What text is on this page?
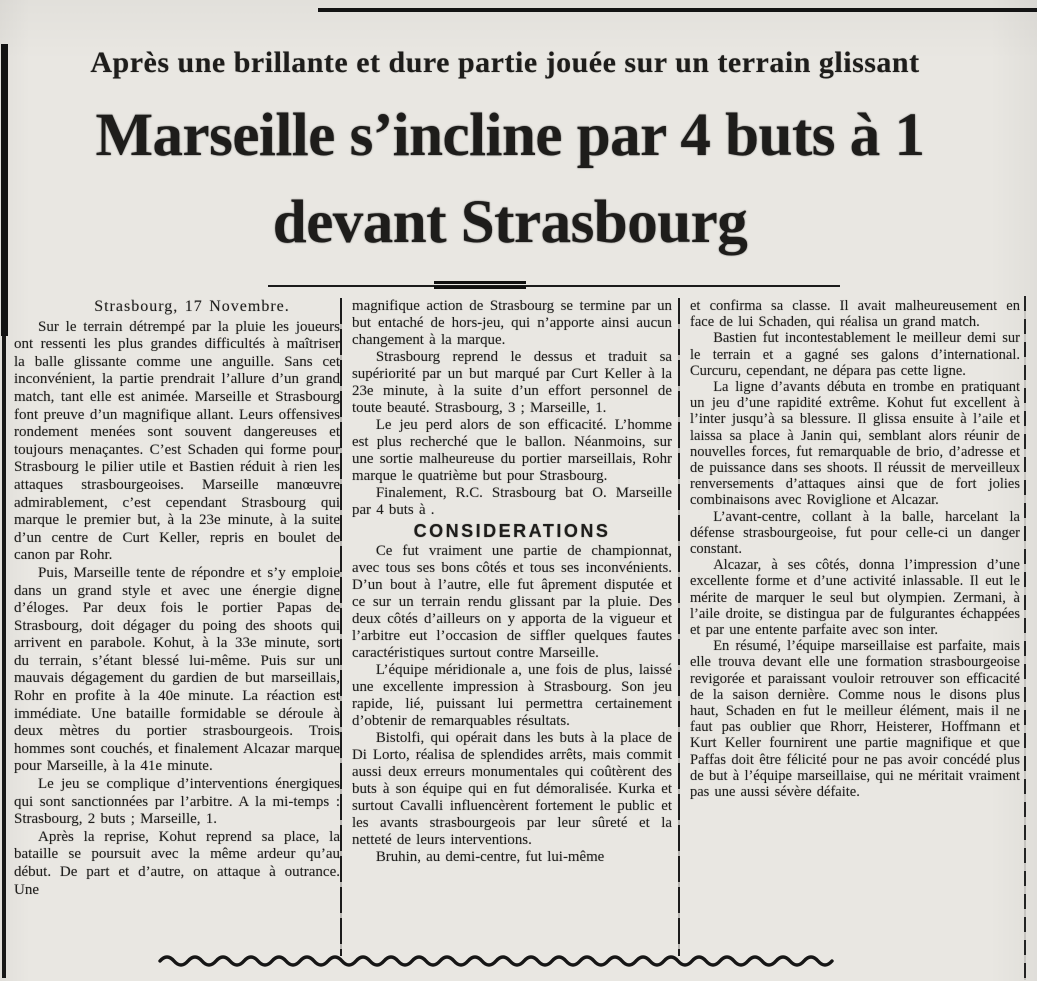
Après une brillante et dure partie jouée sur un terrain glissant
Marseille s’incline par 4 buts à 1
devant Strasbourg
Strasbourg, 17 Novembre.

Sur le terrain détrempé par la pluie les joueurs ont ressenti les plus grandes difficultés à maîtriser la balle glissante comme une anguille. Sans cet inconvénient, la partie prendrait l’allure d’un grand match, tant elle est animée. Marseille et Strasbourg font preuve d’un magnifique allant. Leurs offensives rondement menées sont souvent dangereuses et toujours menaçantes. C’est Schaden qui forme pour Strasbourg le pilier utile et Bastien réduit à rien les attaques strasbourgeoises. Marseille manœuvre admirablement, c’est cependant Strasbourg qui marque le premier but, à la 23e minute, à la suite d’un centre de Curt Keller, repris en boulet de canon par Rohr.

Puis, Marseille tente de répondre et s’y emploie dans un grand style et avec une énergie digne d’éloges. Par deux fois le portier Papas de Strasbourg, doit dégager du poing des shoots qui arrivent en parabole. Kohut, à la 33e minute, sort du terrain, s’étant blessé lui-même. Puis sur un mauvais dégagement du gardien de but marseillais, Rohr en profite à la 40e minute. La réaction est immédiate. Une bataille formidable se déroule à deux mètres du portier strasbourgeois. Trois hommes sont couchés, et finalement Alcazar marque pour Marseille, à la 41e minute.

Le jeu se complique d’interventions énergiques qui sont sanctionnées par l’arbitre. A la mi-temps : Strasbourg, 2 buts ; Marseille, 1.

Après la reprise, Kohut reprend sa place, la bataille se poursuit avec la même ardeur qu’au début. De part et d’autre, on attaque à outrance. Une

magnifique action de Strasbourg se termine par un but entaché de hors-jeu, qui n’apporte ainsi aucun changement à la marque.

Strasbourg reprend le dessus et traduit sa supériorité par un but marqué par Curt Keller à la 23e minute, à la suite d’un effort personnel de toute beauté. Strasbourg, 3 ; Marseille, 1.

Le jeu perd alors de son efficacité. L’homme est plus recherché que le ballon. Néanmoins, sur une sortie malheureuse du portier marseillais, Rohr marque le quatrième but pour Strasbourg.

Finalement, R.C. Strasbourg bat O. Marseille par 4 buts à .

CONSIDERATIONS

Ce fut vraiment une partie de championnat, avec tous ses bons côtés et tous ses inconvénients. D’un bout à l’autre, elle fut âprement disputée et ce sur un terrain rendu glissant par la pluie. Des deux côtés d’ailleurs on y apporta de la vigueur et l’arbitre eut l’occasion de siffler quelques fautes caractéristiques surtout contre Marseille.

L’équipe méridionale a, une fois de plus, laissé une excellente impression à Strasbourg. Son jeu rapide, lié, puissant lui permettra certainement d’obtenir de remarquables résultats.

Bistolfi, qui opérait dans les buts à la place de Di Lorto, réalisa de splendides arrêts, mais commit aussi deux erreurs monumentales qui coûtèrent des buts à son équipe qui en fut démoralisée. Kurka et surtout Cavalli influencèrent fortement le public et les avants strasbourgeois par leur sûreté et la netteté de leurs interventions.

Bruhin, au demi-centre, fut lui-même

et confirma sa classe. Il avait malheureusement en face de lui Schaden, qui réalisa un grand match.

Bastien fut incontestablement le meilleur demi sur le terrain et a gagné ses galons d’international. Curcuru, cependant, ne dépara pas cette ligne.

La ligne d’avants débuta en trombe en pratiquant un jeu d’une rapidité extrême. Kohut fut excellent à l’inter jusqu’à sa blessure. Il glissa ensuite à l’aile et laissa sa place à Janin qui, semblant alors réunir de nouvelles forces, fut remarquable de brio, d’adresse et de puissance dans ses shoots. Il réussit de merveilleux renversements d’attaques ainsi que de fort jolies combinaisons avec Roviglione et Alcazar.

L’avant-centre, collant à la balle, harcelant la défense strasbourgeoise, fut pour celle-ci un danger constant.

Alcazar, à ses côtés, donna l’impression d’une excellente forme et d’une activité inlassable. Il eut le mérite de marquer le seul but olympien. Zermani, à l’aile droite, se distingua par de fulgurantes échappées et par une entente parfaite avec son inter.

En résumé, l’équipe marseillaise est parfaite, mais elle trouva devant elle une formation strasbourgeoise revigorée et paraissant vouloir retrouver son efficacité de la saison dernière. Comme nous le disons plus haut, Schaden en fut le meilleur élément, mais il ne faut pas oublier que Rhorr, Heisterer, Hoffmann et Kurt Keller fournirent une partie magnifique et que Paffas doit être félicité pour ne pas avoir concédé plus de but à l’équipe marseillaise, qui ne méritait vraiment pas une aussi sévère défaite.
